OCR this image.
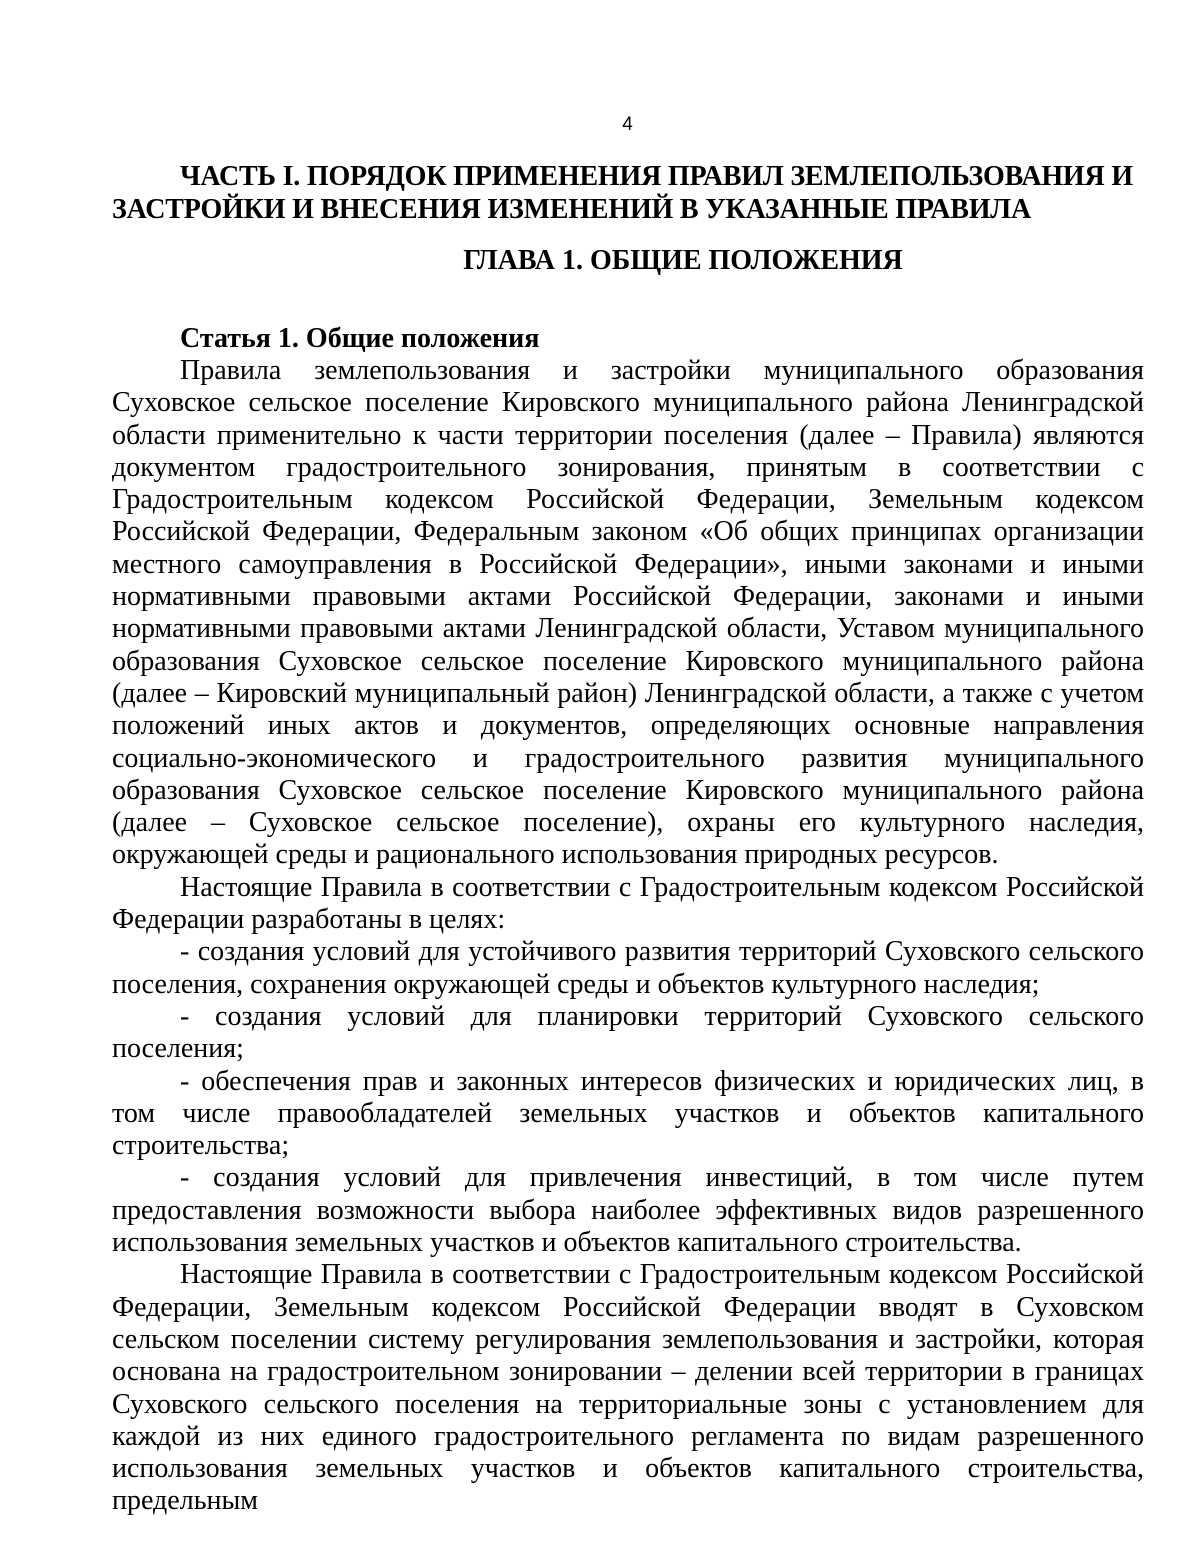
4
ЧАСТЬ I. ПОРЯДОК ПРИМЕНЕНИЯ ПРАВИЛ ЗЕМЛЕПОЛЬЗОВАНИЯ И ЗАСТРОЙКИ И ВНЕСЕНИЯ ИЗМЕНЕНИЙ В УКАЗАННЫЕ ПРАВИЛА
ГЛАВА 1. ОБЩИЕ ПОЛОЖЕНИЯ
Статья 1. Общие положения

Правила землепользования и застройки муниципального образования Суховское сельское поселение Кировского муниципального района Ленинградской области применительно к части территории поселения (далее – Правила) являются документом градостроительного зонирования, принятым в соответствии с Градостроительным кодексом Российской Федерации, Земельным кодексом Российской Федерации, Федеральным законом «Об общих принципах организации местного самоуправления в Российской Федерации», иными законами и иными нормативными правовыми актами Российской Федерации, законами и иными нормативными правовыми актами Ленинградской области, Уставом муниципального образования Суховское сельское поселение Кировского муниципального района (далее – Кировский муниципальный район) Ленинградской области, а также с учетом положений иных актов и документов, определяющих основные направления социально-экономического и градостроительного развития муниципального образования Суховское сельское поселение Кировского муниципального района (далее – Суховское сельское поселение), охраны его культурного наследия, окружающей среды и рационального использования природных ресурсов.

Настоящие Правила в соответствии с Градостроительным кодексом Российской Федерации разработаны в целях:

- создания условий для устойчивого развития территорий Суховского сельского поселения, сохранения окружающей среды и объектов культурного наследия;

- создания условий для планировки территорий Суховского сельского поселения;

- обеспечения прав и законных интересов физических и юридических лиц, в том числе правообладателей земельных участков и объектов капитального строительства;

- создания условий для привлечения инвестиций, в том числе путем предоставления возможности выбора наиболее эффективных видов разрешенного использования земельных участков и объектов капитального строительства.

Настоящие Правила в соответствии с Градостроительным кодексом Российской Федерации, Земельным кодексом Российской Федерации вводят в Суховском сельском поселении систему регулирования землепользования и застройки, которая основана на градостроительном зонировании – делении всей территории в границах Суховского сельского поселения на территориальные зоны с установлением для каждой из них единого градостроительного регламента по видам разрешенного использования земельных участков и объектов капитального строительства, предельным
